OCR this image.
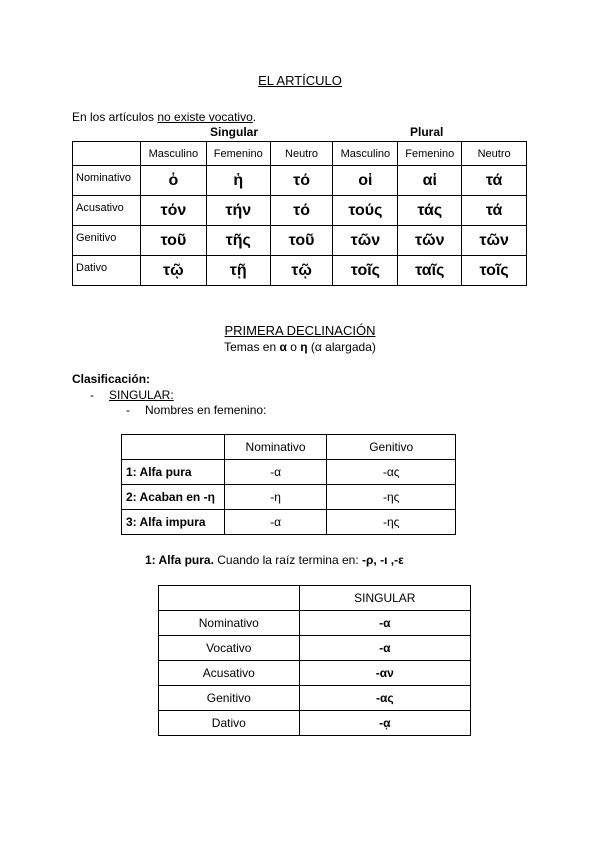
EL ARTÍCULO
En los artículos no existe vocativo.
Singular	Plural
	Masculino	Femenino	Neutro	Masculino	Femenino	Neutro
Nominativo	ὁ	ἡ	τό	οἱ	αἱ	τά
Acusativo	τόν	τήν	τό	τούς	τάς	τά
Genitivo	τοῦ	τῆς	τοῦ	τῶν	τῶν	τῶν
Dativo	τῷ	τῇ	τῷ	τοῖς	ταῖς	τοῖς
PRIMERA DECLINACIÓN
Temas en α o η (α alargada)
Clasificación:
- SINGULAR:
- Nombres en femenino:
	Nominativo	Genitivo
1: Alfa pura	-α	-ας
2: Acaban en -η	-η	-ης
3: Alfa impura	-α	-ης
1: Alfa pura. Cuando la raíz termina en: -ρ, -ι ,-ε
	SINGULAR
Nominativo	-α
Vocativo	-α
Acusativo	-αν
Genitivo	-ας
Dativo	-ᾳ
